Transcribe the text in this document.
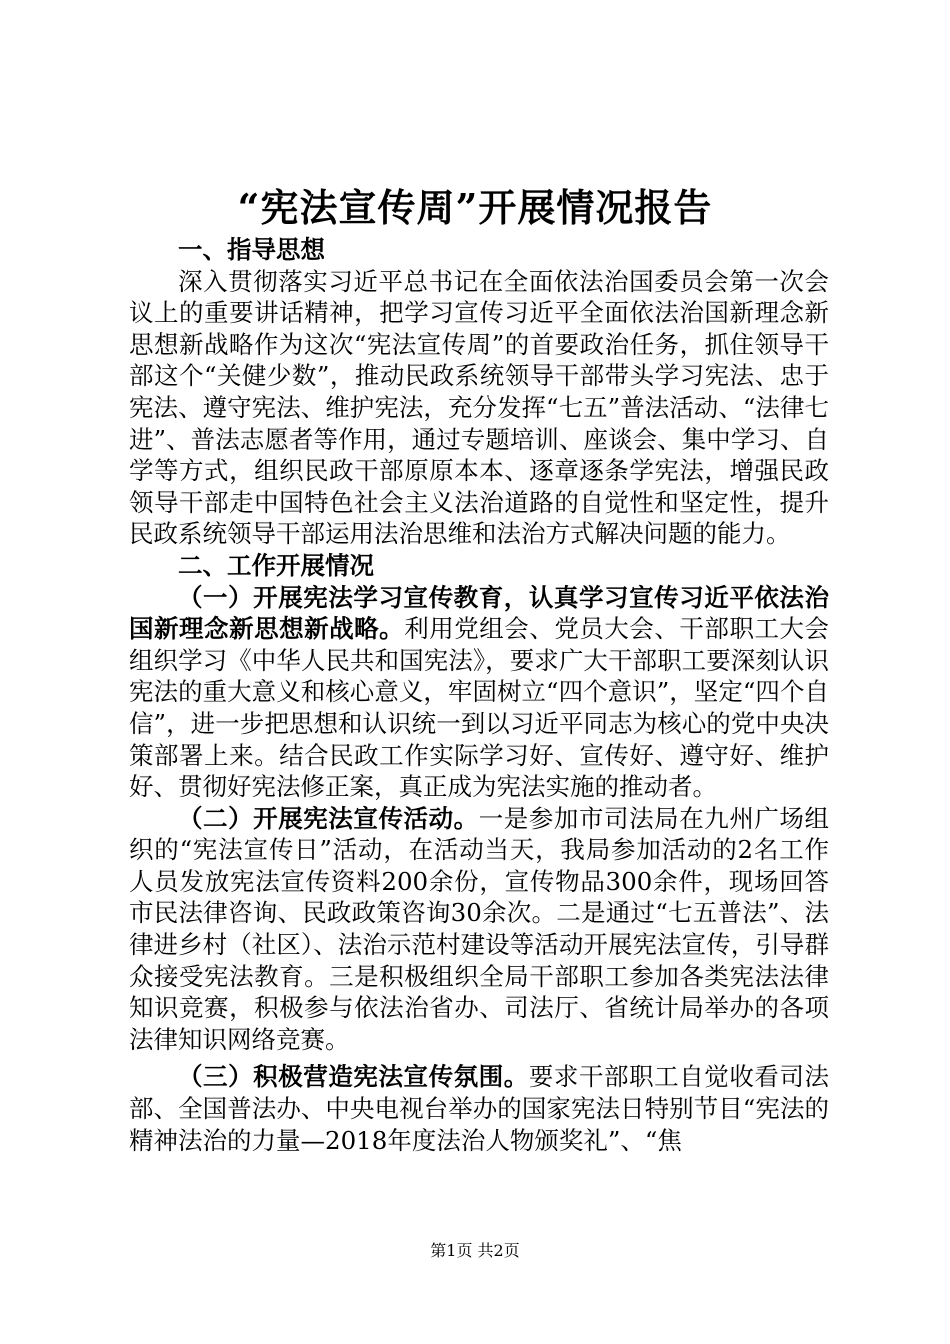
“宪法宣传周”开展情况报告

一、指导思想

深入贯彻落实习近平总书记在全面依法治国委员会第一次会议上的重要讲话精神，把学习宣传习近平全面依法治国新理念新思想新战略作为这次“宪法宣传周”的首要政治任务，抓住领导干部这个“关健少数”，推动民政系统领导干部带头学习宪法、忠于宪法、遵守宪法、维护宪法，充分发挥“七五”普法活动、“法律七进”、普法志愿者等作用，通过专题培训、座谈会、集中学习、自学等方式，组织民政干部原原本本、逐章逐条学宪法，增强民政领导干部走中国特色社会主义法治道路的自觉性和坚定性，提升民政系统领导干部运用法治思维和法治方式解决问题的能力。

二、工作开展情况

（一）开展宪法学习宣传教育，认真学习宣传习近平依法治国新理念新思想新战略。利用党组会、党员大会、干部职工大会组织学习《中华人民共和国宪法》，要求广大干部职工要深刻认识宪法的重大意义和核心意义，牢固树立“四个意识”，坚定“四个自信”，进一步把思想和认识统一到以习近平同志为核心的党中央决策部署上来。结合民政工作实际学习好、宣传好、遵守好、维护好、贯彻好宪法修正案，真正成为宪法实施的推动者。

（二）开展宪法宣传活动。一是参加市司法局在九州广场组织的“宪法宣传日”活动，在活动当天，我局参加活动的2名工作人员发放宪法宣传资料200余份，宣传物品300余件，现场回答市民法律咨询、民政政策咨询30余次。二是通过“七五普法”、法律进乡村（社区）、法治示范村建设等活动开展宪法宣传，引导群众接受宪法教育。三是积极组织全局干部职工参加各类宪法法律知识竞赛，积极参与依法治省办、司法厅、省统计局举办的各项法律知识网络竞赛。

（三）积极营造宪法宣传氛围。要求干部职工自觉收看司法部、全国普法办、中央电视台举办的国家宪法日特别节目“宪法的精神法治的力量—2018年度法治人物颁奖礼”、“焦

第1页 共2页
